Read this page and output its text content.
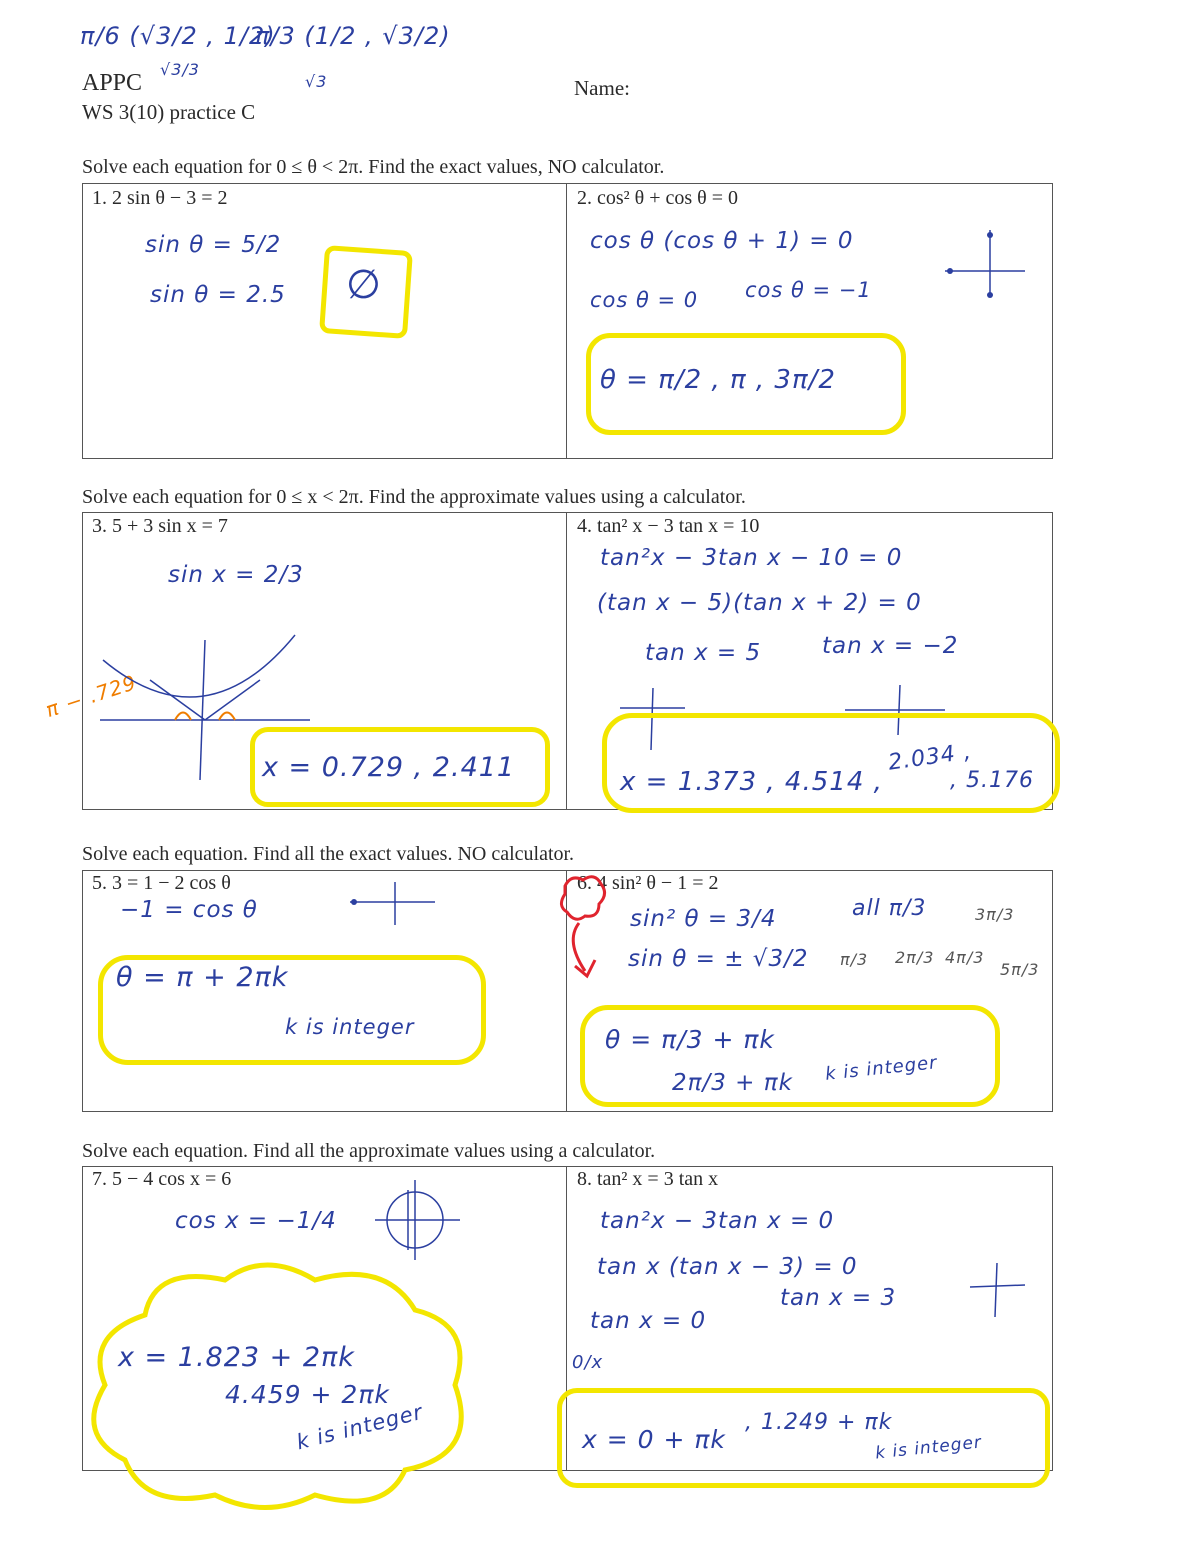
π/6 (√3/2 , 1/2)
π/3 (1/2 , √3/2)
√3/3
√3
APPC
WS 3(10) practice C
Name:
Solve each equation for 0 ≤ θ < 2π. Find the exact values, NO calculator.
1. 2 sin θ − 3 = 2
sin θ = 5/2
sin θ = 2.5 ∅
2. cos² θ + cos θ = 0
cos θ (cos θ + 1) = 0
cos θ = 0 cos θ = −1
θ = π/2 , π , 3π/2
Solve each equation for 0 ≤ x < 2π. Find the approximate values using a calculator.
3. 5 + 3 sin x = 7
sin x = 2/3
π − .729
x = 0.729 , 2.411
4. tan² x − 3 tan x = 10
tan²x − 3tan x − 10 = 0
(tan x − 5)(tan x + 2) = 0
tan x = 5	tan x = −2
x = 1.373 , 4.514 ,
2.034 ,
, 5.176
Solve each equation. Find all the exact values. NO calculator.
5. 3 = 1 − 2 cos θ
−1 = cos θ
θ = π + 2πk
k is integer
6. 4 sin² θ − 1 = 2
sin² θ = 3/4
sin θ = ± √3/2
all π/3
π/3 2π/3 4π/3
5π/3
3π/3
θ = π/3 + πk
2π/3 + πk k is integer
Solve each equation. Find all the approximate values using a calculator.
7. 5 − 4 cos x = 6
cos x = −1/4
x = 1.823 + 2πk
4.459 + 2πk
k is integer
8. tan² x = 3 tan x
tan²x − 3tan x = 0
tan x (tan x − 3) = 0
tan x = 0
tan x = 3
0/x
x = 0 + πk
, 1.249 + πk
k is integer
